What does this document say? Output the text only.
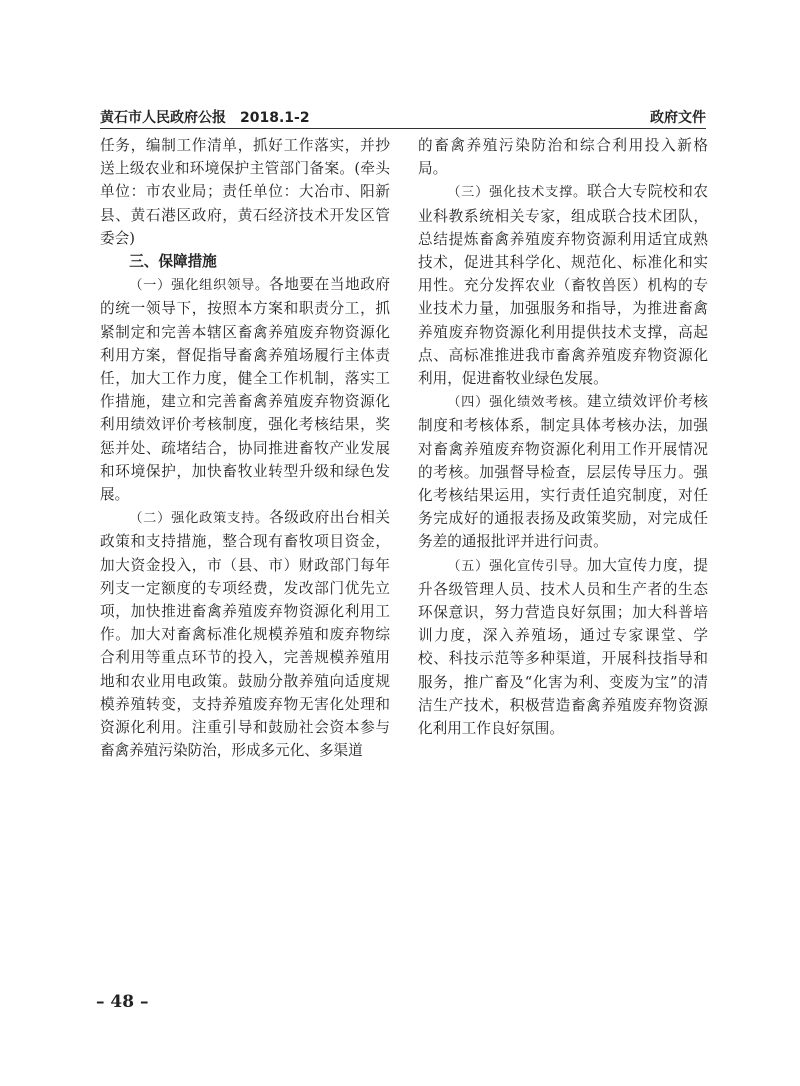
黄石市人民政府公报 2018.1-2	政府文件

任务，编制工作清单，抓好工作落实，并抄送上级农业和环境保护主管部门备案。(牵头单位：市农业局；责任单位：大冶市、阳新县、黄石港区政府，黄石经济技术开发区管委会)

三、保障措施

（一）强化组织领导。各地要在当地政府的统一领导下，按照本方案和职责分工，抓紧制定和完善本辖区畜禽养殖废弃物资源化利用方案，督促指导畜禽养殖场履行主体责任，加大工作力度，健全工作机制，落实工作措施，建立和完善畜禽养殖废弃物资源化利用绩效评价考核制度，强化考核结果，奖惩并处、疏堵结合，协同推进畜牧产业发展和环境保护，加快畜牧业转型升级和绿色发展。

（二）强化政策支持。各级政府出台相关政策和支持措施，整合现有畜牧项目资金，加大资金投入，市（县、市）财政部门每年列支一定额度的专项经费，发改部门优先立项，加快推进畜禽养殖废弃物资源化利用工作。加大对畜禽标准化规模养殖和废弃物综合利用等重点环节的投入，完善规模养殖用地和农业用电政策。鼓励分散养殖向适度规模养殖转变，支持养殖废弃物无害化处理和资源化利用。注重引导和鼓励社会资本参与畜禽养殖污染防治，形成多元化、多渠道

的畜禽养殖污染防治和综合利用投入新格局。

（三）强化技术支撑。联合大专院校和农业科教系统相关专家，组成联合技术团队，总结提炼畜禽养殖废弃物资源利用适宜成熟技术，促进其科学化、规范化、标准化和实用性。充分发挥农业（畜牧兽医）机构的专业技术力量，加强服务和指导，为推进畜禽养殖废弃物资源化利用提供技术支撑，高起点、高标准推进我市畜禽养殖废弃物资源化利用，促进畜牧业绿色发展。

（四）强化绩效考核。建立绩效评价考核制度和考核体系，制定具体考核办法，加强对畜禽养殖废弃物资源化利用工作开展情况的考核。加强督导检查，层层传导压力。强化考核结果运用，实行责任追究制度，对任务完成好的通报表扬及政策奖励，对完成任务差的通报批评并进行问责。

（五）强化宣传引导。加大宣传力度，提升各级管理人员、技术人员和生产者的生态环保意识，努力营造良好氛围；加大科普培训力度，深入养殖场，通过专家课堂、学校、科技示范等多种渠道，开展科技指导和服务，推广畜及“化害为利、变废为宝”的清洁生产技术，积极营造畜禽养殖废弃物资源化利用工作良好氛围。

– 48 –
